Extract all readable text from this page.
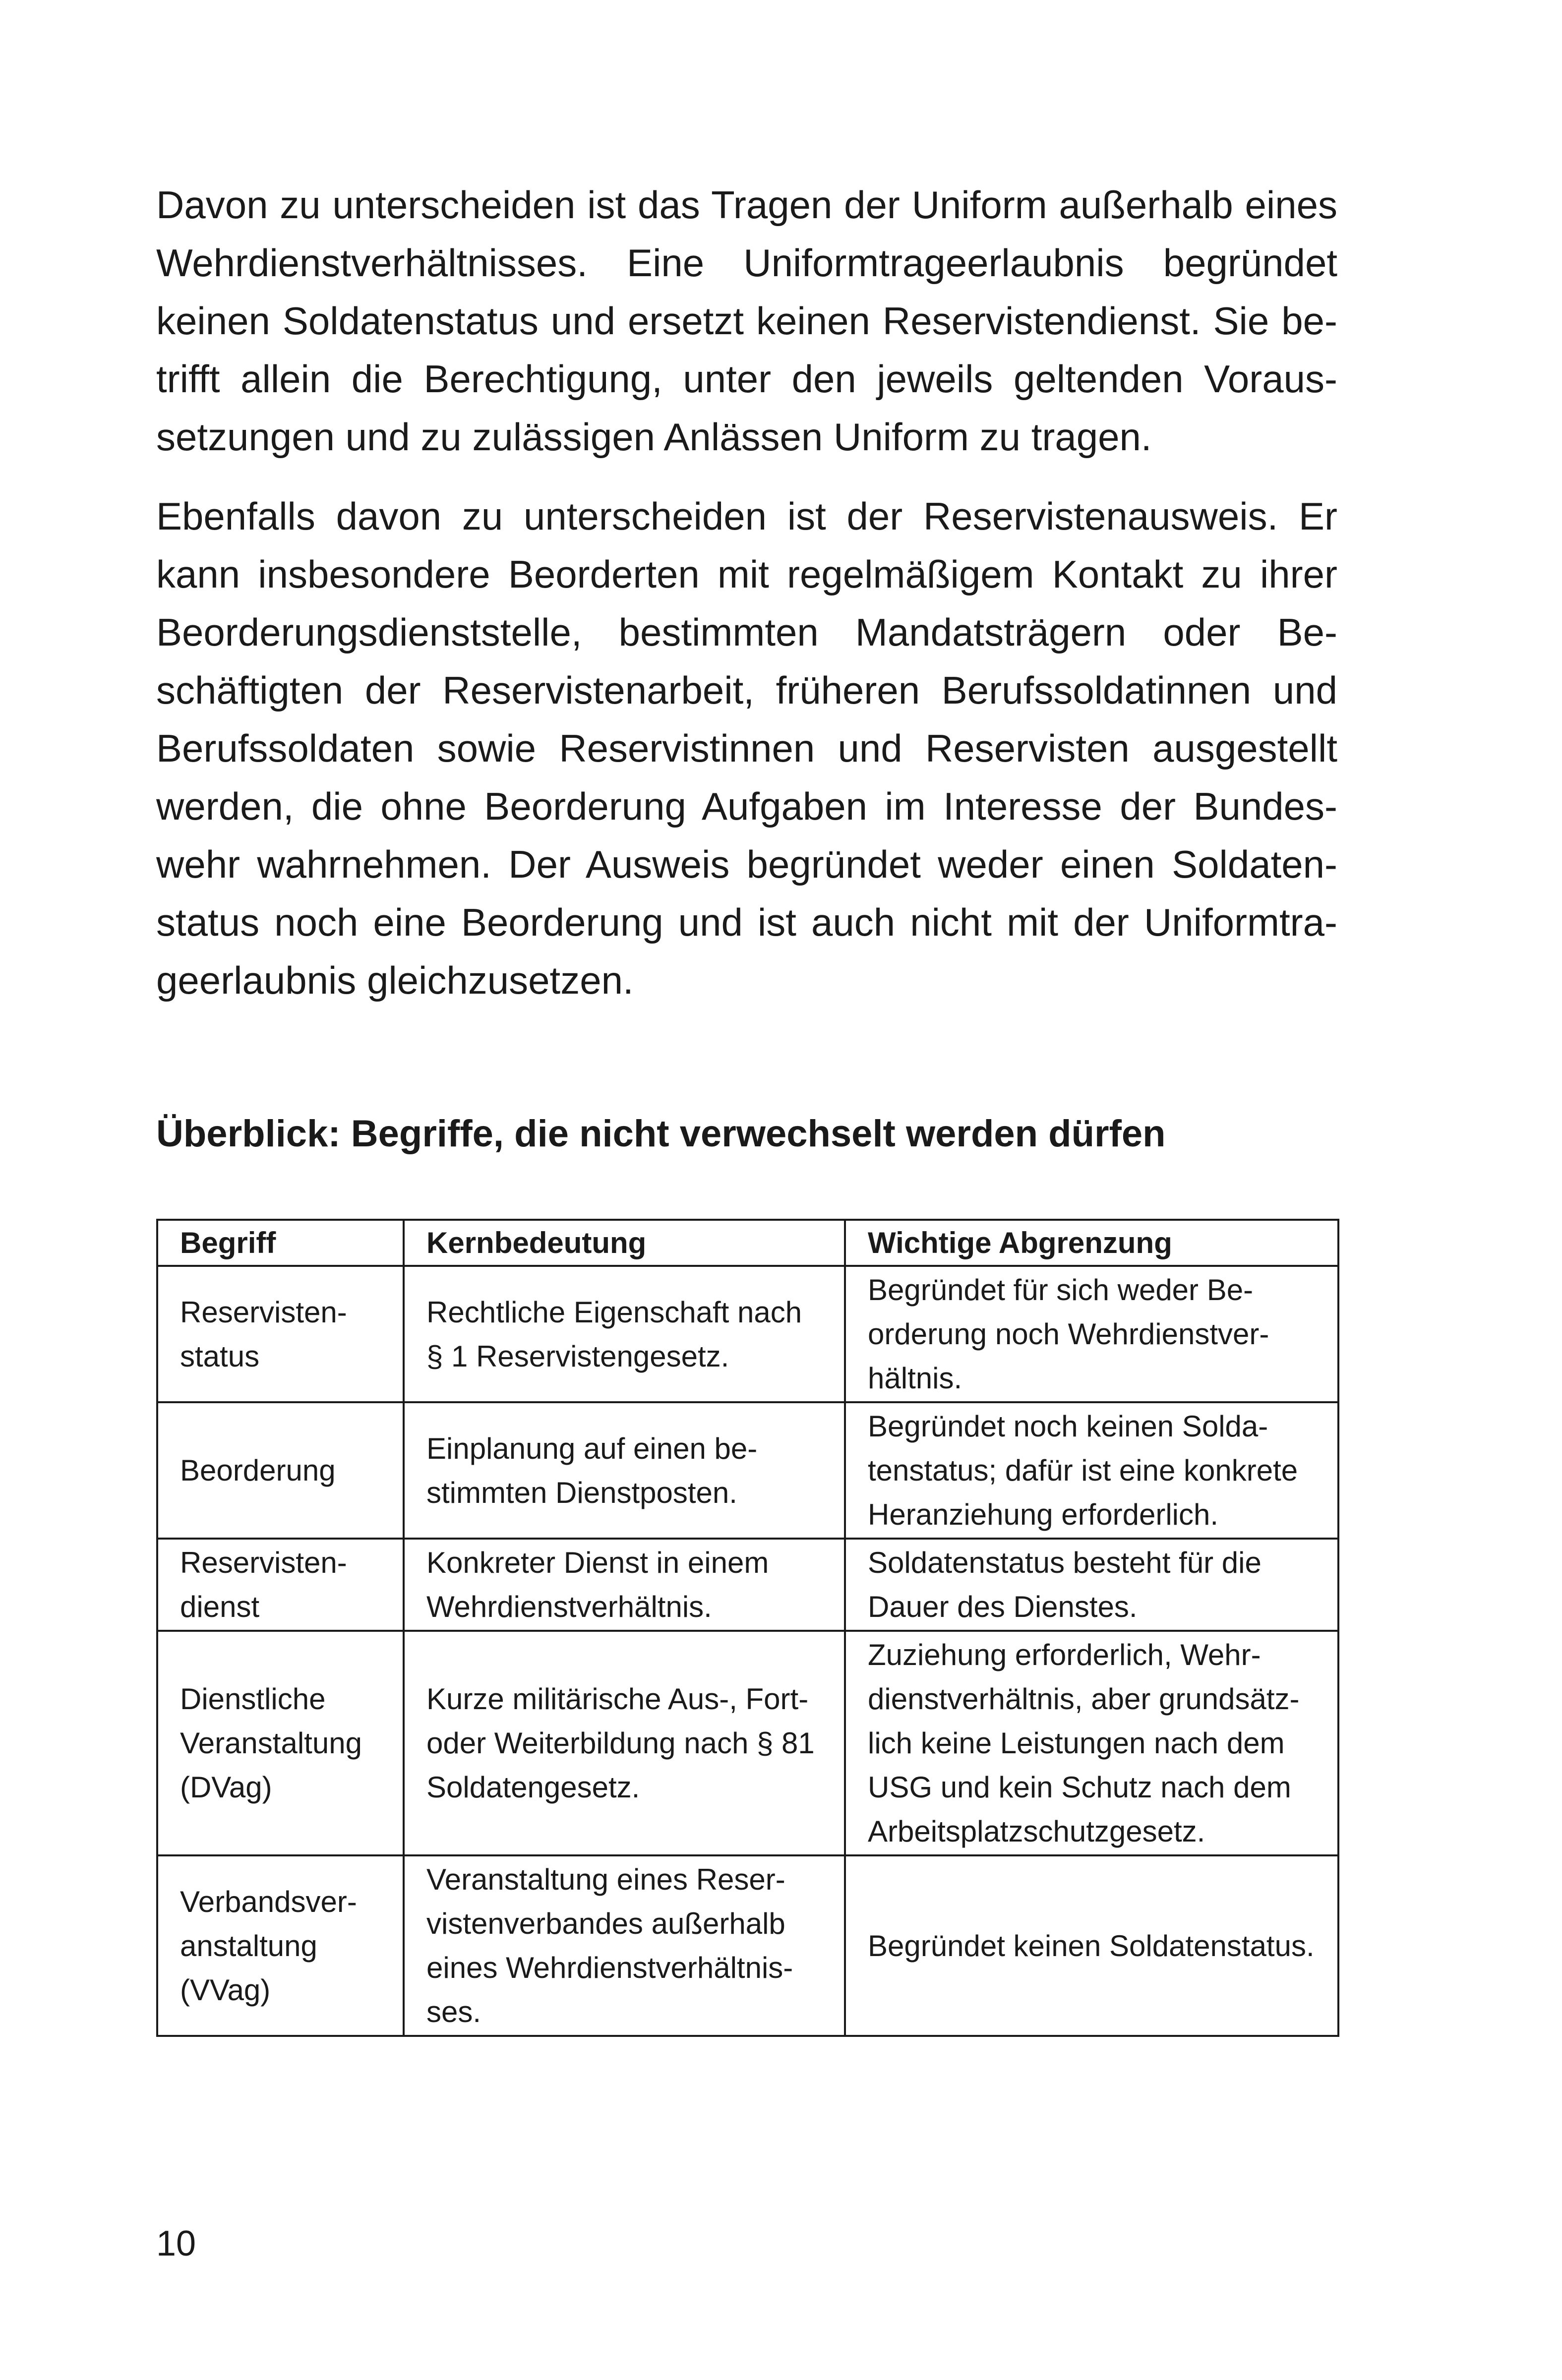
Davon zu unterscheiden ist das Tragen der Uniform außerhalb eines Wehrdienstverhältnisses. Eine Uniformtrageerlaubnis begründet keinen Soldatenstatus und ersetzt keinen Reservistendienst. Sie betrifft allein die Berechtigung, unter den jeweils geltenden Voraussetzungen und zu zulässigen Anlässen Uniform zu tragen.

Ebenfalls davon zu unterscheiden ist der Reservistenausweis. Er kann insbesondere Beorderten mit regelmäßigem Kontakt zu ihrer Beorderungsdienststelle, bestimmten Mandatsträgern oder Beschäftigten der Reservistenarbeit, früheren Berufssoldatinnen und Berufssoldaten sowie Reservistinnen und Reservisten ausgestellt werden, die ohne Beorderung Aufgaben im Interesse der Bundeswehr wahrnehmen. Der Ausweis begründet weder einen Soldatenstatus noch eine Beorderung und ist auch nicht mit der Uniformtrageerlaubnis gleichzusetzen.

Überblick: Begriffe, die nicht verwechselt werden dürfen
Begriff	Kernbedeutung	Wichtige Abgrenzung
Reservistenstatus	Rechtliche Eigenschaft nach § 1 Reservistengesetz.	Begründet für sich weder Beorderung noch Wehrdienstverhältnis.
Beorderung	Einplanung auf einen bestimmten Dienstposten.	Begründet noch keinen Soldatenstatus; dafür ist eine konkrete Heranziehung erforderlich.
Reservistendienst	Konkreter Dienst in einem Wehrdienstverhältnis.	Soldatenstatus besteht für die Dauer des Dienstes.
Dienstliche Veranstaltung (DVag)	Kurze militärische Aus-, Fort- oder Weiterbildung nach § 81 Soldatengesetz.	Zuziehung erforderlich, Wehrdienstverhältnis, aber grundsätzlich keine Leistungen nach dem USG und kein Schutz nach dem Arbeitsplatzschutzgesetz.
Verbandsveranstaltung (VVag)	Veranstaltung eines Reservistenverbandes außerhalb eines Wehrdienstverhältnisses.	Begründet keinen Soldatenstatus.
10
